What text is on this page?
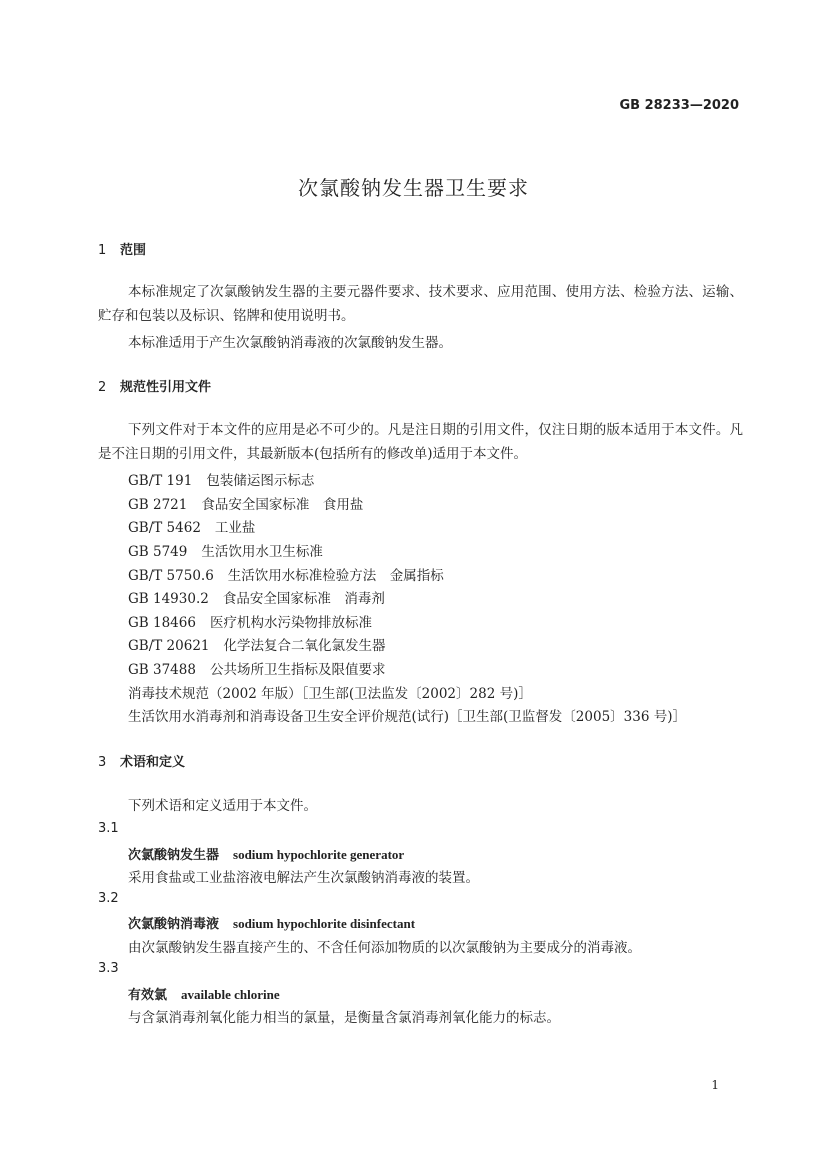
GB 28233—2020
次氯酸钠发生器卫生要求
1 范围
本标准规定了次氯酸钠发生器的主要元器件要求、技术要求、应用范围、使用方法、检验方法、运输、贮存和包装以及标识、铭牌和使用说明书。
本标准适用于产生次氯酸钠消毒液的次氯酸钠发生器。
2 规范性引用文件
下列文件对于本文件的应用是必不可少的。凡是注日期的引用文件，仅注日期的版本适用于本文件。凡是不注日期的引用文件，其最新版本(包括所有的修改单)适用于本文件。
GB/T 191 包装储运图示标志
GB 2721 食品安全国家标准　食用盐
GB/T 5462 工业盐
GB 5749 生活饮用水卫生标准
GB/T 5750.6 生活饮用水标准检验方法　金属指标
GB 14930.2 食品安全国家标准　消毒剂
GB 18466 医疗机构水污染物排放标准
GB/T 20621 化学法复合二氧化氯发生器
GB 37488 公共场所卫生指标及限值要求
消毒技术规范（2002 年版）［卫生部(卫法监发〔2002〕282 号)］
生活饮用水消毒剂和消毒设备卫生安全评价规范(试行)［卫生部(卫监督发〔2005〕336 号)］
3 术语和定义
下列术语和定义适用于本文件。
3.1
次氯酸钠发生器 sodium hypochlorite generator
采用食盐或工业盐溶液电解法产生次氯酸钠消毒液的装置。
3.2
次氯酸钠消毒液 sodium hypochlorite disinfectant
由次氯酸钠发生器直接产生的、不含任何添加物质的以次氯酸钠为主要成分的消毒液。
3.3
有效氯 available chlorine
与含氯消毒剂氧化能力相当的氯量，是衡量含氯消毒剂氧化能力的标志。
1
